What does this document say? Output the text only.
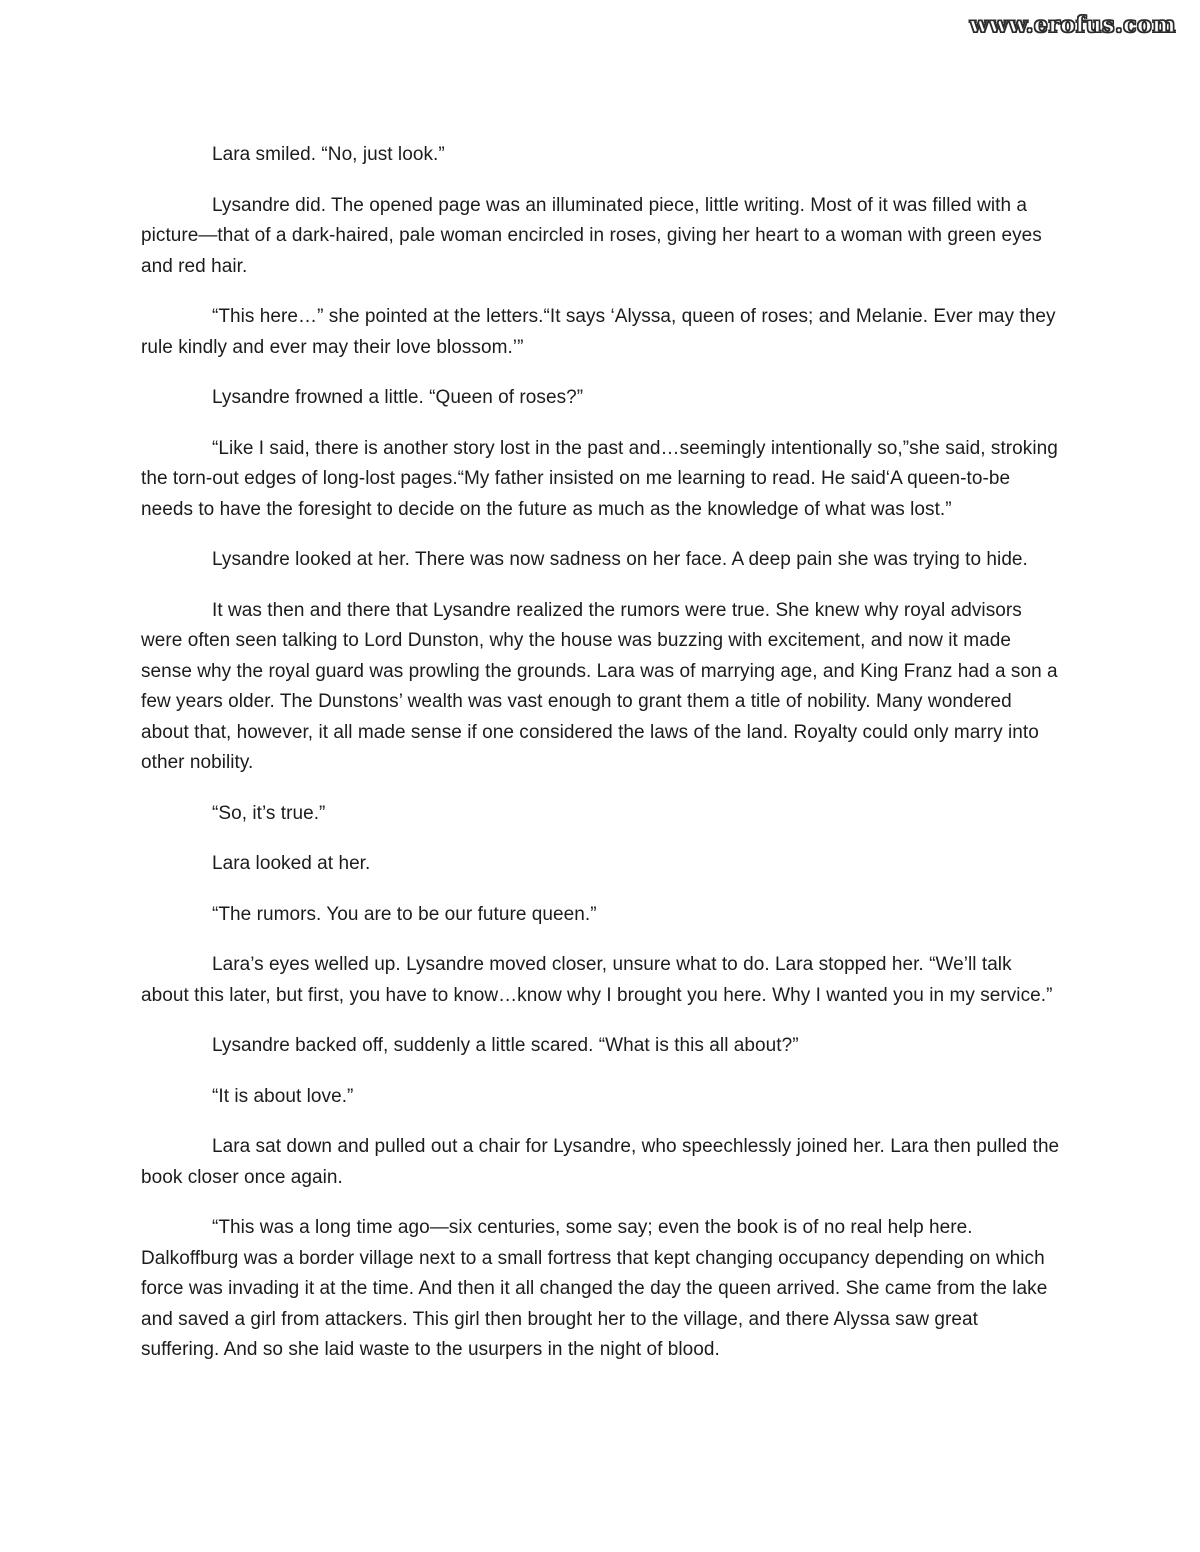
www.erofus.com

Lara smiled. “No, just look.”

Lysandre did. The opened page was an illuminated piece, little writing. Most of it was filled with a picture—that of a dark-haired, pale woman encircled in roses, giving her heart to a woman with green eyes and red hair.

“This here…” she pointed at the letters.“It says ‘Alyssa, queen of roses; and Melanie. Ever may they rule kindly and ever may their love blossom.’”

Lysandre frowned a little. “Queen of roses?”

“Like I said, there is another story lost in the past and…seemingly intentionally so,”she said, stroking the torn-out edges of long-lost pages.“My father insisted on me learning to read. He said‘A queen-to-be needs to have the foresight to decide on the future as much as the knowledge of what was lost.”

Lysandre looked at her. There was now sadness on her face. A deep pain she was trying to hide.

It was then and there that Lysandre realized the rumors were true. She knew why royal advisors were often seen talking to Lord Dunston, why the house was buzzing with excitement, and now it made sense why the royal guard was prowling the grounds. Lara was of marrying age, and King Franz had a son a few years older. The Dunstons’ wealth was vast enough to grant them a title of nobility. Many wondered about that, however, it all made sense if one considered the laws of the land. Royalty could only marry into other nobility.

“So, it’s true.”

Lara looked at her.

“The rumors. You are to be our future queen.”

Lara’s eyes welled up. Lysandre moved closer, unsure what to do. Lara stopped her. “We’ll talk about this later, but first, you have to know…know why I brought you here. Why I wanted you in my service.”

Lysandre backed off, suddenly a little scared. “What is this all about?”

“It is about love.”

Lara sat down and pulled out a chair for Lysandre, who speechlessly joined her. Lara then pulled the book closer once again.

“This was a long time ago—six centuries, some say; even the book is of no real help here. Dalkoffburg was a border village next to a small fortress that kept changing occupancy depending on which force was invading it at the time. And then it all changed the day the queen arrived. She came from the lake and saved a girl from attackers. This girl then brought her to the village, and there Alyssa saw great suffering. And so she laid waste to the usurpers in the night of blood.
